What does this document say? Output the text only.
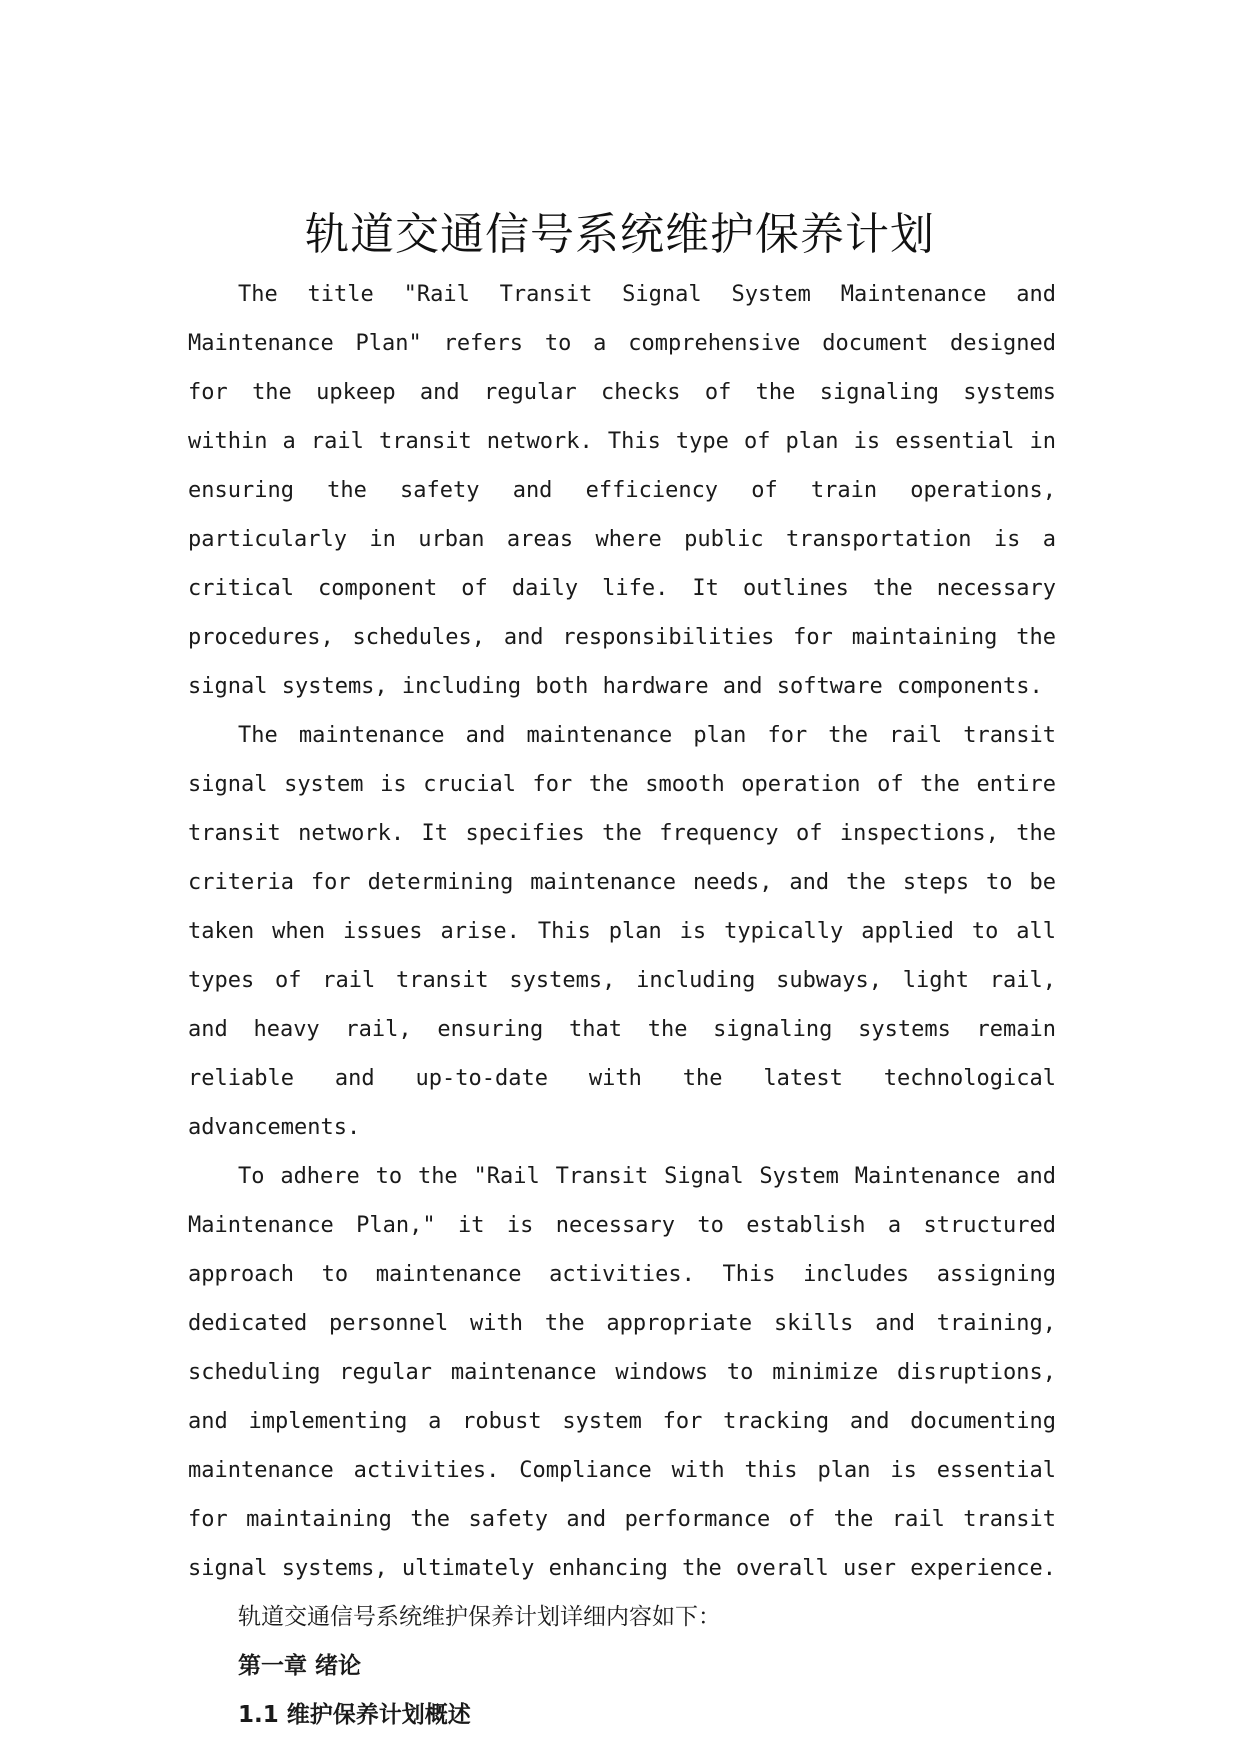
轨道交通信号系统维护保养计划

The title "Rail Transit Signal System Maintenance and Maintenance Plan" refers to a comprehensive document designed for the upkeep and regular checks of the signaling systems within a rail transit network. This type of plan is essential in ensuring the safety and efficiency of train operations, particularly in urban areas where public transportation is a critical component of daily life. It outlines the necessary procedures, schedules, and responsibilities for maintaining the signal systems, including both hardware and software components.

The maintenance and maintenance plan for the rail transit signal system is crucial for the smooth operation of the entire transit network. It specifies the frequency of inspections, the criteria for determining maintenance needs, and the steps to be taken when issues arise. This plan is typically applied to all types of rail transit systems, including subways, light rail, and heavy rail, ensuring that the signaling systems remain reliable and up-to-date with the latest technological advancements.

To adhere to the "Rail Transit Signal System Maintenance and Maintenance Plan," it is necessary to establish a structured approach to maintenance activities. This includes assigning dedicated personnel with the appropriate skills and training, scheduling regular maintenance windows to minimize disruptions, and implementing a robust system for tracking and documenting maintenance activities. Compliance with this plan is essential for maintaining the safety and performance of the rail transit signal systems, ultimately enhancing the overall user experience.

轨道交通信号系统维护保养计划详细内容如下：

第一章 绪论

1.1 维护保养计划概述
